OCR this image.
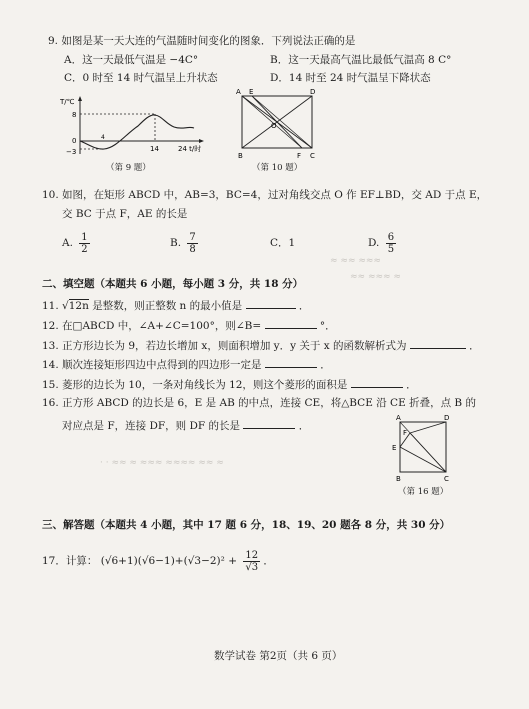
9. 如图是某一天大连的气温随时间变化的图象．下列说法正确的是
A．这一天最低气温是 −4C°	B．这一天最高气温比最低气温高 8 C°
C．0 时至 14 时气温呈上升状态	D．14 时至 24 时气温呈下降状态
T/℃
8
0
−3
4
14	24 t/时
（第 9 题）
A E	D
O
B	F C
（第 10 题）
10. 如图，在矩形 ABCD 中，AB=3，BC=4，过对角线交点 O 作 EF⊥BD，交 AD 于点 E，
交 BC 于点 F，AE 的长是
A. $\frac{1}{2}$	B. $\frac{7}{8}$	C．1	D. $\frac{6}{5}$
≈ ≈≈ ≈≈≈
≈≈ ≈≈≈ ≈
二、填空题（本题共 6 小题，每小题 3 分，共 18 分）
11. √12n 是整数，则正整数 n 的最小值是	．
12. 在□ABCD 中，∠A+∠C=100°，则∠B=	°．
13. 正方形边长为 9，若边长增加 x，则面积增加 y．y 关于 x 的函数解析式为	．
14. 顺次连接矩形四边中点得到的四边形一定是	．
15. 菱形的边长为 10，一条对角线长为 12，则这个菱形的面积是	．
16. 正方形 ABCD 的边长是 6，E 是 AB 的中点，连接 CE，将△BCE 沿 CE 折叠，点 B 的
对应点是 F，连接 DF，则 DF 的长是	．
A	D
F
E
B	C
（第 16 题）
· · ≈≈ ≈ ≈≈≈ ≈≈≈≈ ≈≈ ≈
三、解答题（本题共 4 小题，其中 17 题 6 分，18、19、20 题各 8 分，共 30 分）
17．计算： $(√6+1)(√6-1)+(√3-2)^2 + \frac{12}{√3}$ ．
数学试卷 第2页（共 6 页）
